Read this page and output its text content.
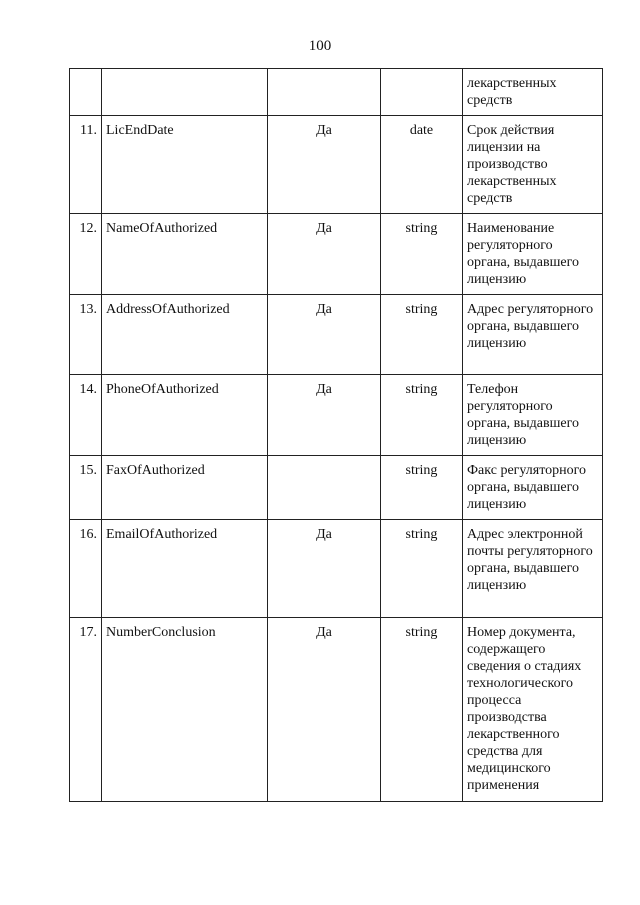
100
				лекарственных средств
11.	LicEndDate	Да	date	Срок действия лицензии на производство лекарственных средств
12.	NameOfAuthorized	Да	string	Наименование регуляторного органа, выдавшего лицензию
13.	AddressOfAuthorized	Да	string	Адрес регуляторного органа, выдавшего лицензию
14.	PhoneOfAuthorized	Да	string	Телефон регуляторного органа, выдавшего лицензию
15.	FaxOfAuthorized		string	Факс регуляторного органа, выдавшего лицензию
16.	EmailOfAuthorized	Да	string	Адрес электронной почты регуляторного органа, выдавшего лицензию
17.	NumberConclusion	Да	string	Номер документа, содержащего сведения о стадиях технологического процесса производства лекарственного средства для медицинского применения
